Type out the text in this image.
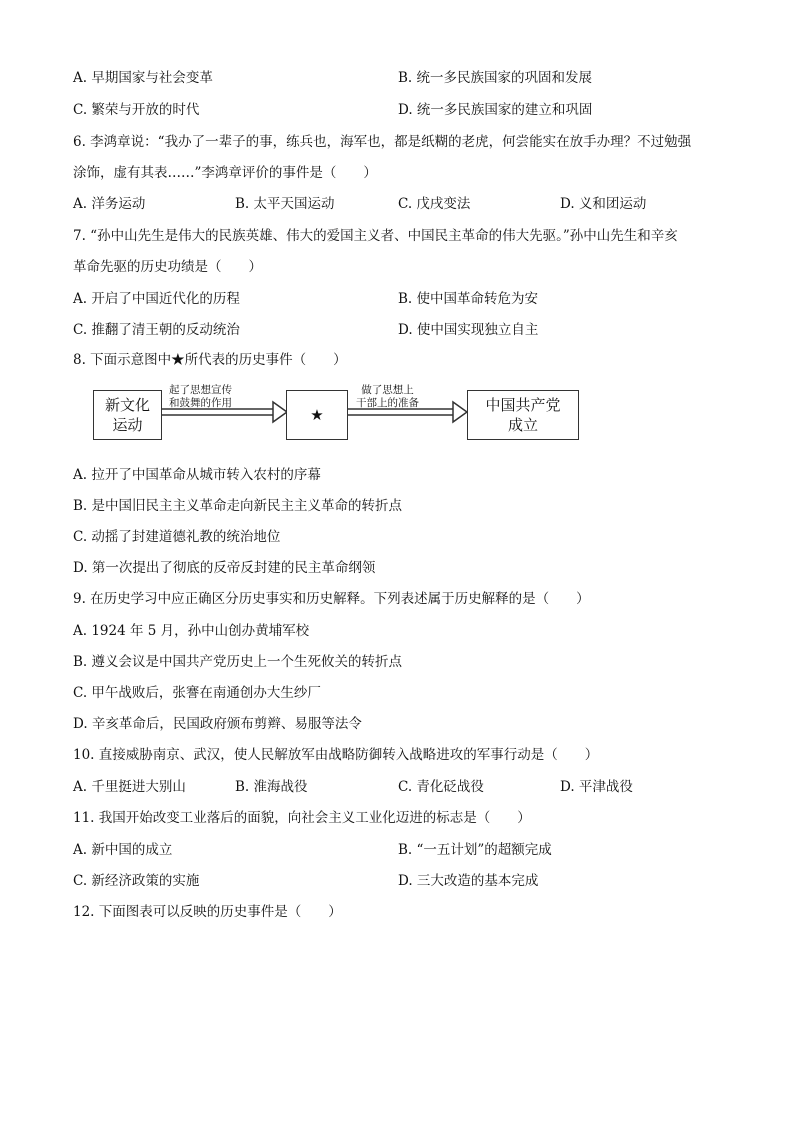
A. 早期国家与社会变革	B. 统一多民族国家的巩固和发展
C. 繁荣与开放的时代	D. 统一多民族国家的建立和巩固
6. 李鸿章说：“我办了一辈子的事，练兵也，海军也，都是纸糊的老虎，何尝能实在放手办理？不过勉强
涂饰，虚有其表……”李鸿章评价的事件是（　　）
A. 洋务运动	B. 太平天国运动	C. 戊戌变法	D. 义和团运动
7. “孙中山先生是伟大的民族英雄、伟大的爱国主义者、中国民主革命的伟大先驱。”孙中山先生和辛亥
革命先驱的历史功绩是（　　）
A. 开启了中国近代化的历程	B. 使中国革命转危为安
C. 推翻了清王朝的反动统治	D. 使中国实现独立自主
8. 下面示意图中★所代表的历史事件（　　）
新文化
运动
起了思想宣传
和鼓舞的作用
★
做了思想上
干部上的准备	中国共产党
成立
A. 拉开了中国革命从城市转入农村的序幕
B. 是中国旧民主主义革命走向新民主主义革命的转折点
C. 动摇了封建道德礼教的统治地位
D. 第一次提出了彻底的反帝反封建的民主革命纲领
9. 在历史学习中应正确区分历史事实和历史解释。下列表述属于历史解释的是（　　）
A. 1924 年 5 月，孙中山创办黄埔军校
B. 遵义会议是中国共产党历史上一个生死攸关的转折点
C. 甲午战败后，张謇在南通创办大生纱厂
D. 辛亥革命后，民国政府颁布剪辫、易服等法令
10. 直接威胁南京、武汉，使人民解放军由战略防御转入战略进攻的军事行动是（　　）
A. 千里挺进大别山	B. 淮海战役	C. 青化砭战役	D. 平津战役
11. 我国开始改变工业落后的面貌，向社会主义工业化迈进的标志是（　　）
A. 新中国的成立	B. “一五计划”的超额完成
C. 新经济政策的实施	D. 三大改造的基本完成
12. 下面图表可以反映的历史事件是（　　）
